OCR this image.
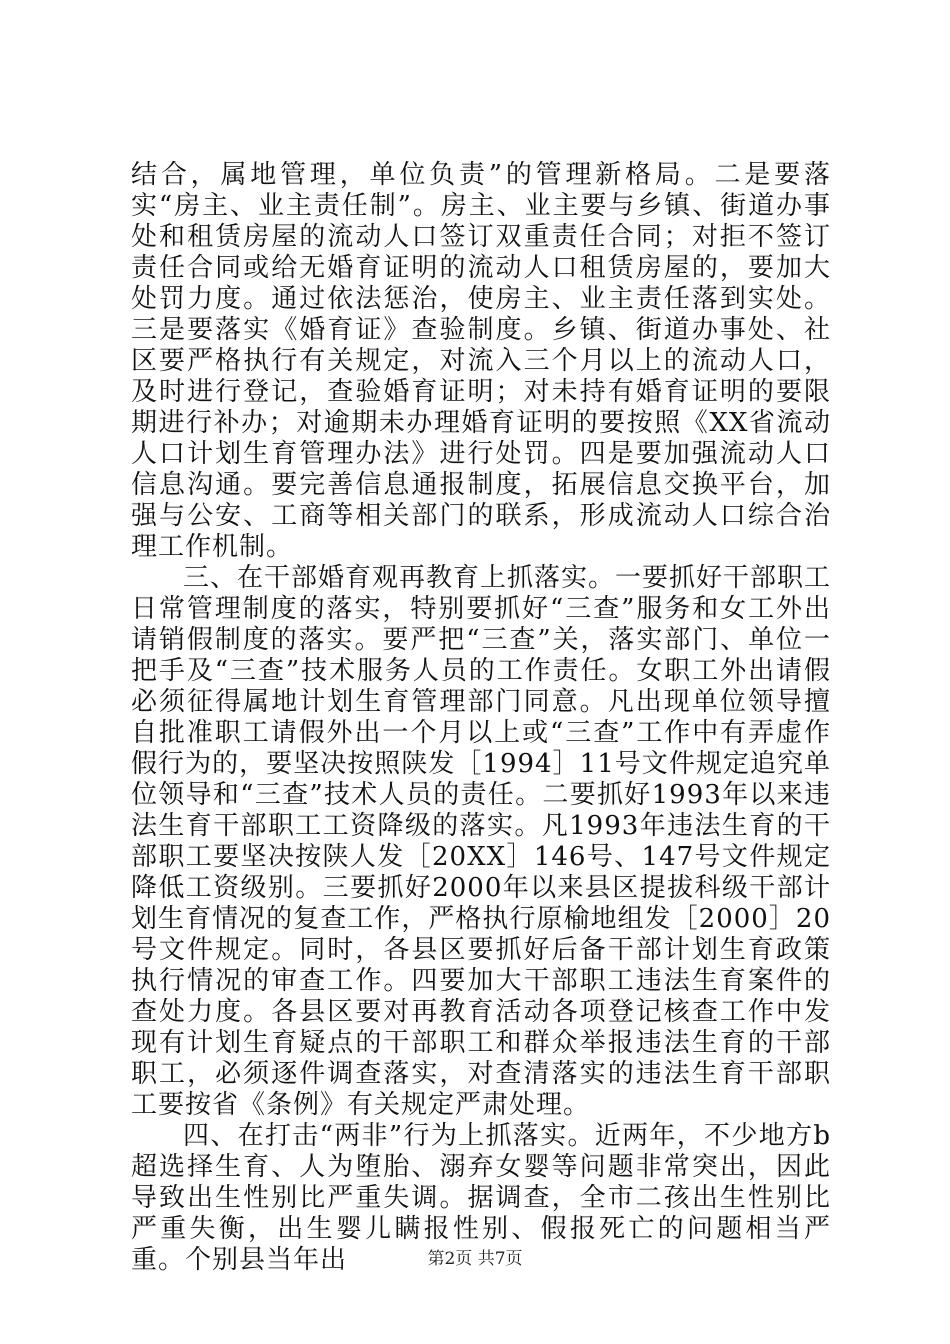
结合，属地管理，单位负责”的管理新格局。二是要落实“房主、业主责任制”。房主、业主要与乡镇、街道办事处和租赁房屋的流动人口签订双重责任合同；对拒不签订责任合同或给无婚育证明的流动人口租赁房屋的，要加大处罚力度。通过依法惩治，使房主、业主责任落到实处。三是要落实《婚育证》查验制度。乡镇、街道办事处、社区要严格执行有关规定，对流入三个月以上的流动人口，及时进行登记，查验婚育证明；对未持有婚育证明的要限期进行补办；对逾期未办理婚育证明的要按照《XX省流动人口计划生育管理办法》进行处罚。四是要加强流动人口信息沟通。要完善信息通报制度，拓展信息交换平台，加强与公安、工商等相关部门的联系，形成流动人口综合治理工作机制。

三、在干部婚育观再教育上抓落实。一要抓好干部职工日常管理制度的落实，特别要抓好“三查”服务和女工外出请销假制度的落实。要严把“三查”关，落实部门、单位一把手及“三查”技术服务人员的工作责任。女职工外出请假必须征得属地计划生育管理部门同意。凡出现单位领导擅自批准职工请假外出一个月以上或“三查”工作中有弄虚作假行为的，要坚决按照陕发［1994］11号文件规定追究单位领导和“三查”技术人员的责任。二要抓好1993年以来违法生育干部职工工资降级的落实。凡1993年违法生育的干部职工要坚决按陕人发［20XX］146号、147号文件规定降低工资级别。三要抓好2000年以来县区提拔科级干部计划生育情况的复查工作，严格执行原榆地组发［2000］20号文件规定。同时，各县区要抓好后备干部计划生育政策执行情况的审查工作。四要加大干部职工违法生育案件的查处力度。各县区要对再教育活动各项登记核查工作中发现有计划生育疑点的干部职工和群众举报违法生育的干部职工，必须逐件调查落实，对查清落实的违法生育干部职工要按省《条例》有关规定严肃处理。

四、在打击“两非”行为上抓落实。近两年，不少地方b超选择生育、人为堕胎、溺弃女婴等问题非常突出，因此导致出生性别比严重失调。据调查，全市二孩出生性别比严重失衡，出生婴儿瞒报性别、假报死亡的问题相当严重。个别县当年出	第2页 共7页
